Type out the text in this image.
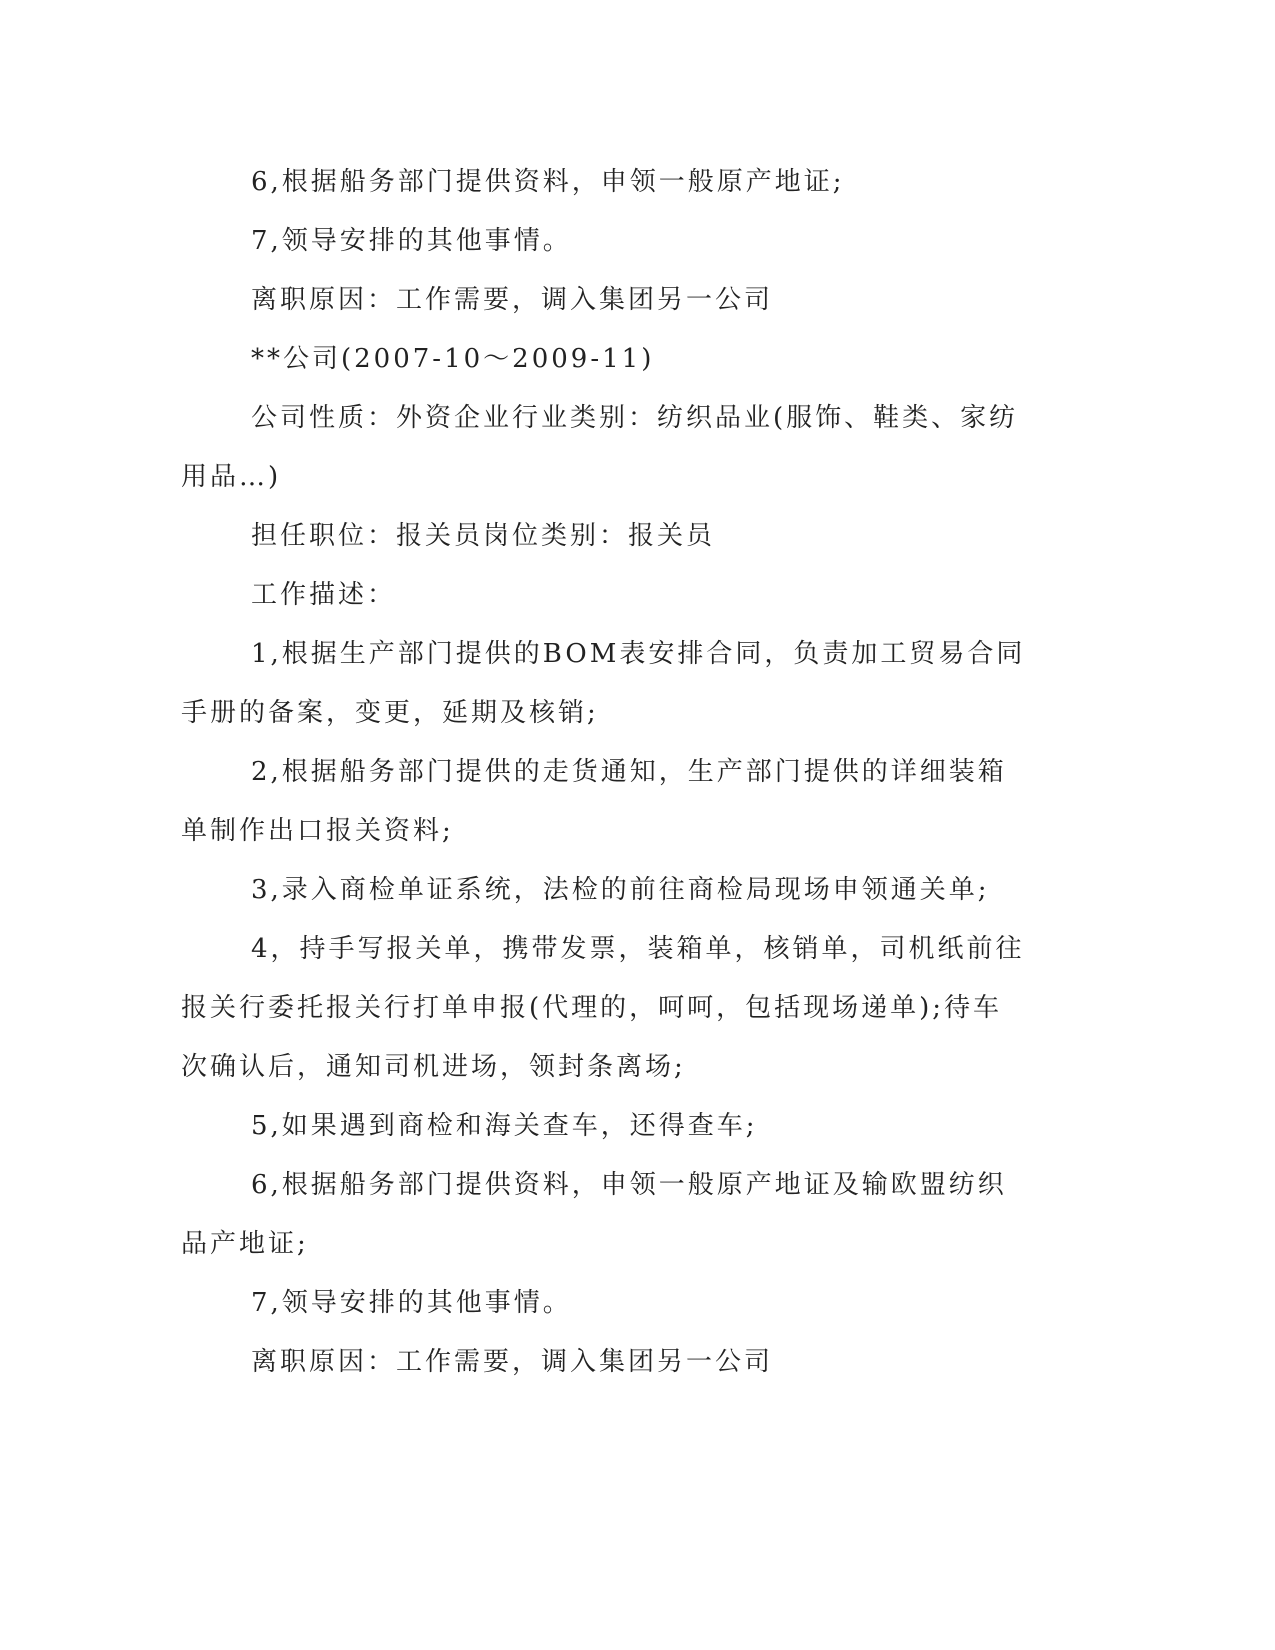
6,根据船务部门提供资料，申领一般原产地证;

7,领导安排的其他事情。

离职原因：工作需要，调入集团另一公司

**公司(2007-10～2009-11)

公司性质：外资企业行业类别：纺织品业(服饰、鞋类、家纺用品…)

担任职位：报关员岗位类别：报关员

工作描述：

1,根据生产部门提供的BOM表安排合同，负责加工贸易合同手册的备案，变更，延期及核销;

2,根据船务部门提供的走货通知，生产部门提供的详细装箱单制作出口报关资料;

3,录入商检单证系统，法检的前往商检局现场申领通关单;

4，持手写报关单，携带发票，装箱单，核销单，司机纸前往报关行委托报关行打单申报(代理的，呵呵，包括现场递单);待车次确认后，通知司机进场，领封条离场;

5,如果遇到商检和海关查车，还得查车;

6,根据船务部门提供资料，申领一般原产地证及输欧盟纺织品产地证;

7,领导安排的其他事情。

离职原因：工作需要，调入集团另一公司
